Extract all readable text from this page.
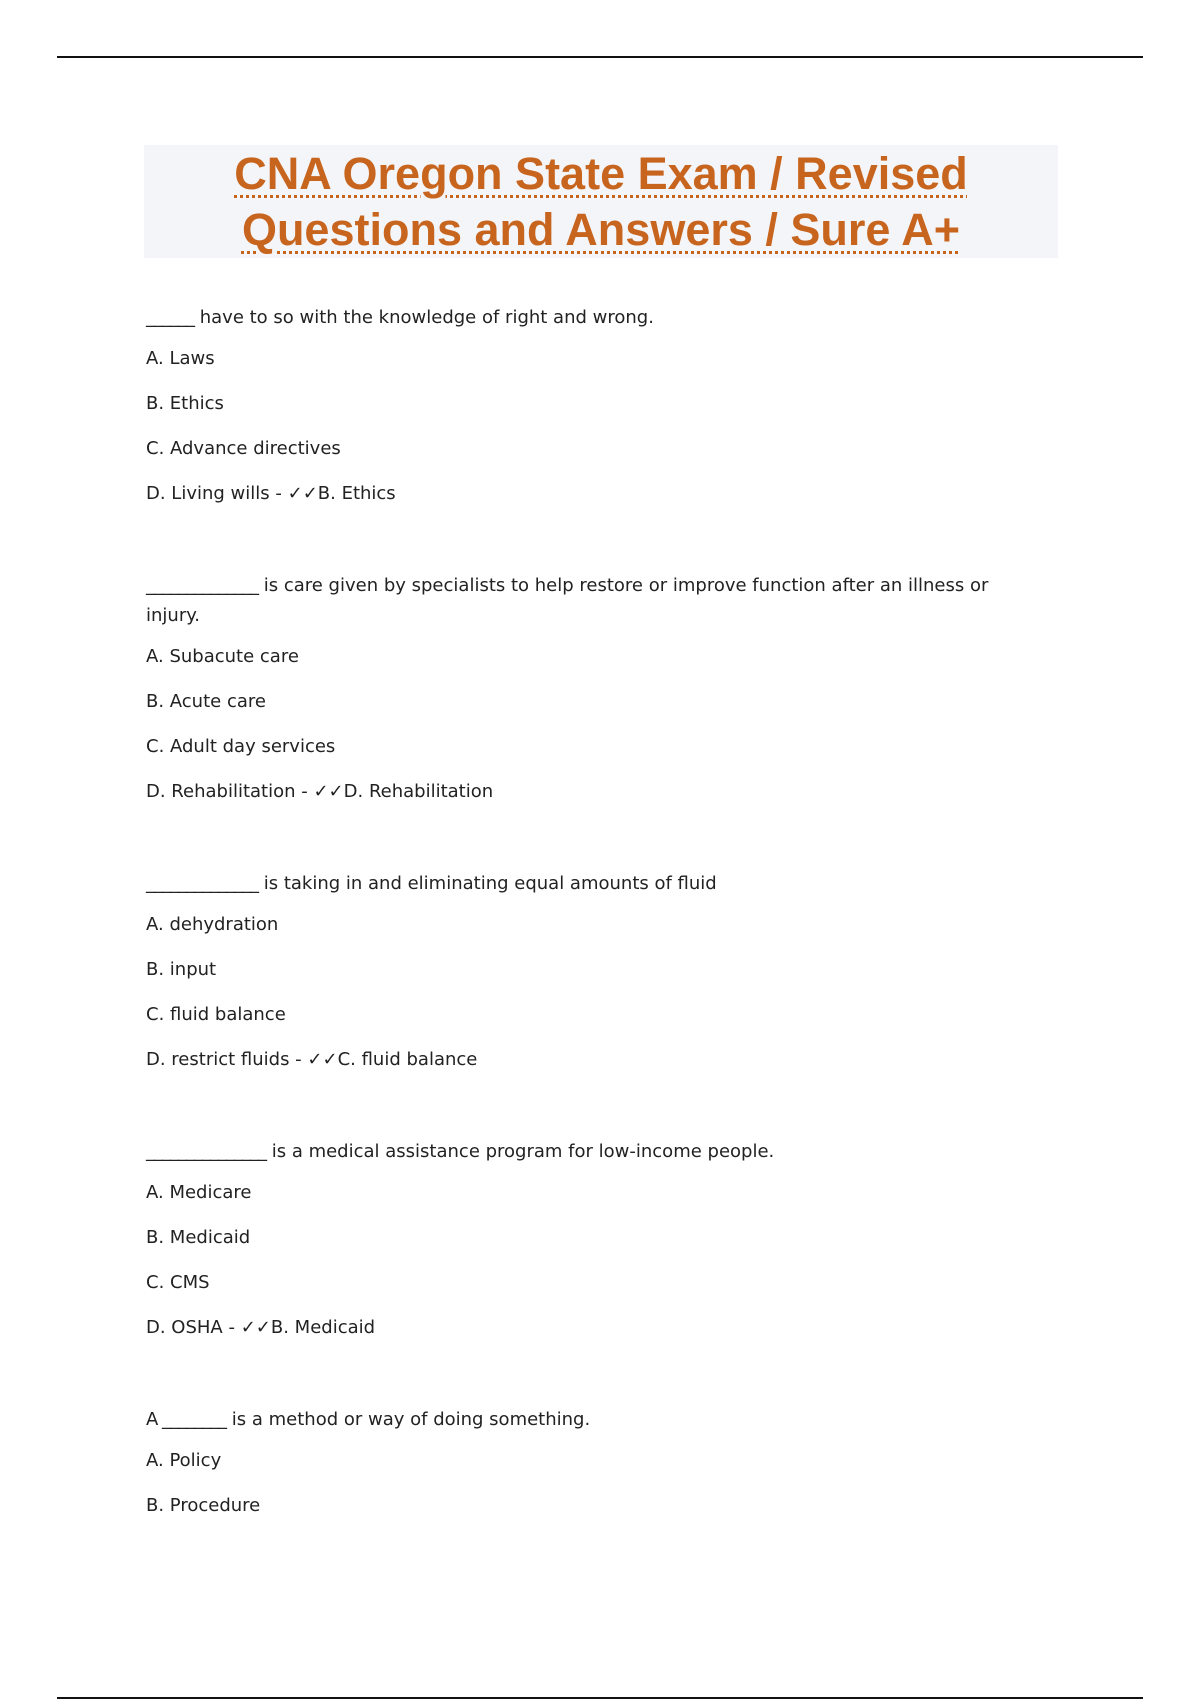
CNA Oregon State Exam / Revised
Questions and Answers / Sure A+
______ have to so with the knowledge of right and wrong.
A. Laws
B. Ethics
C. Advance directives
D. Living wills - ✓✓B. Ethics
______________ is care given by specialists to help restore or improve function after an illness or injury.
A. Subacute care
B. Acute care
C. Adult day services
D. Rehabilitation - ✓✓D. Rehabilitation
______________ is taking in and eliminating equal amounts of fluid
A. dehydration
B. input
C. fluid balance
D. restrict fluids - ✓✓C. fluid balance
_______________ is a medical assistance program for low-income people.
A. Medicare
B. Medicaid
C. CMS
D. OSHA - ✓✓B. Medicaid
A ________ is a method or way of doing something.
A. Policy
B. Procedure
